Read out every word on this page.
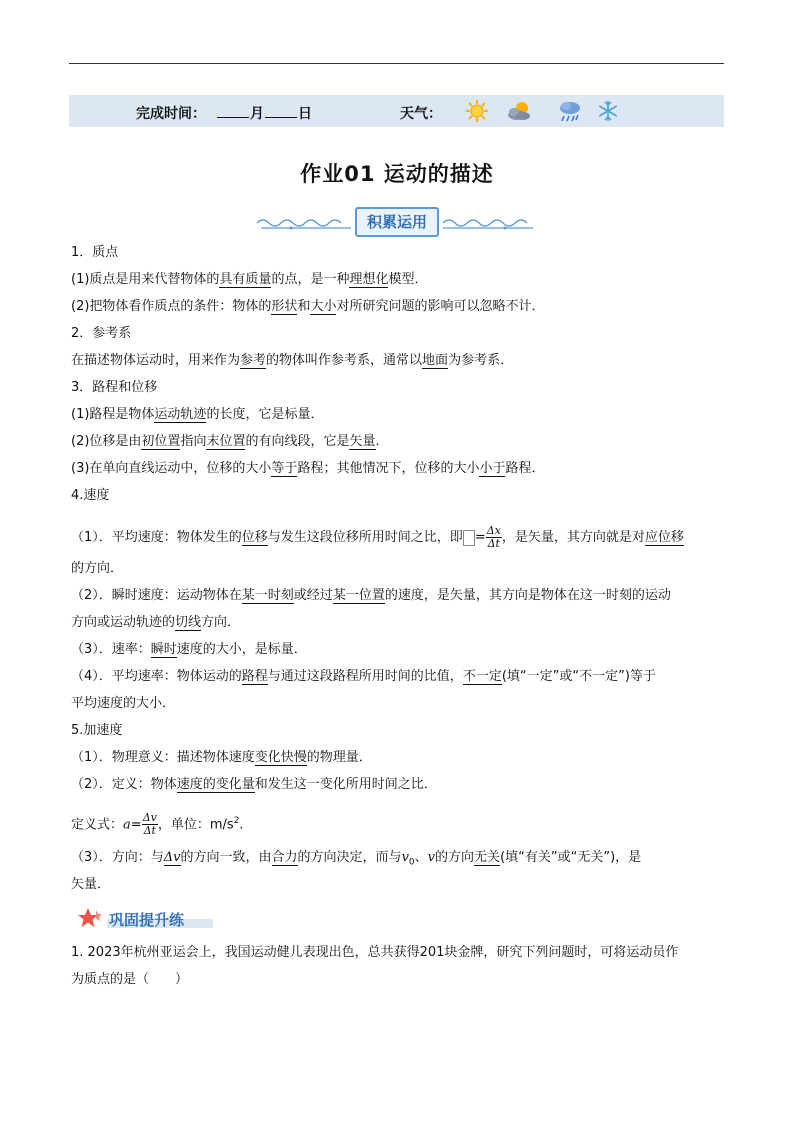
完成时间：	月 日	天气：
作业01 运动的描述
积累运用
1．质点
(1)质点是用来代替物体的具有质量的点，是一种理想化模型．
(2)把物体看作质点的条件：物体的形状和大小对所研究问题的影响可以忽略不计．
2．参考系
在描述物体运动时，用来作为参考的物体叫作参考系，通常以地面为参考系．
3．路程和位移
(1)路程是物体运动轨迹的长度，它是标量．
(2)位移是由初位置指向末位置的有向线段，它是矢量．
(3)在单向直线运动中，位移的大小等于路程；其他情况下，位移的大小小于路程．
4.速度
（1）．平均速度：物体发生的位移与发生这段位移所用时间之比，即 = $\frac{\Delta x}{\Delta t}$ ，是矢量，其方向就是对应位移
的方向．
（2）．瞬时速度：运动物体在某一时刻或经过某一位置的速度，是矢量，其方向是物体在这一时刻的运动
方向或运动轨迹的切线方向．
（3）．速率：瞬时速度的大小，是标量．
（4）．平均速率：物体运动的路程与通过这段路程所用时间的比值，不一定(填“一定”或“不一定”)等于
平均速度的大小．
5.加速度
（1）．物理意义：描述物体速度变化快慢的物理量．
（2）．定义：物体速度的变化量和发生这一变化所用时间之比．
定义式：$a= \frac{\Delta v}{\Delta t}$ ，单位：$m/s^2$.
（3）．方向：与Δv的方向一致，由合力的方向决定，而与$v_0$、v的方向无关(填“有关”或“无关”)，是
矢量．
巩固提升练
1. 2023年杭州亚运会上，我国运动健儿表现出色，总共获得201块金牌，研究下列问题时，可将运动员作
为质点的是（　　）
